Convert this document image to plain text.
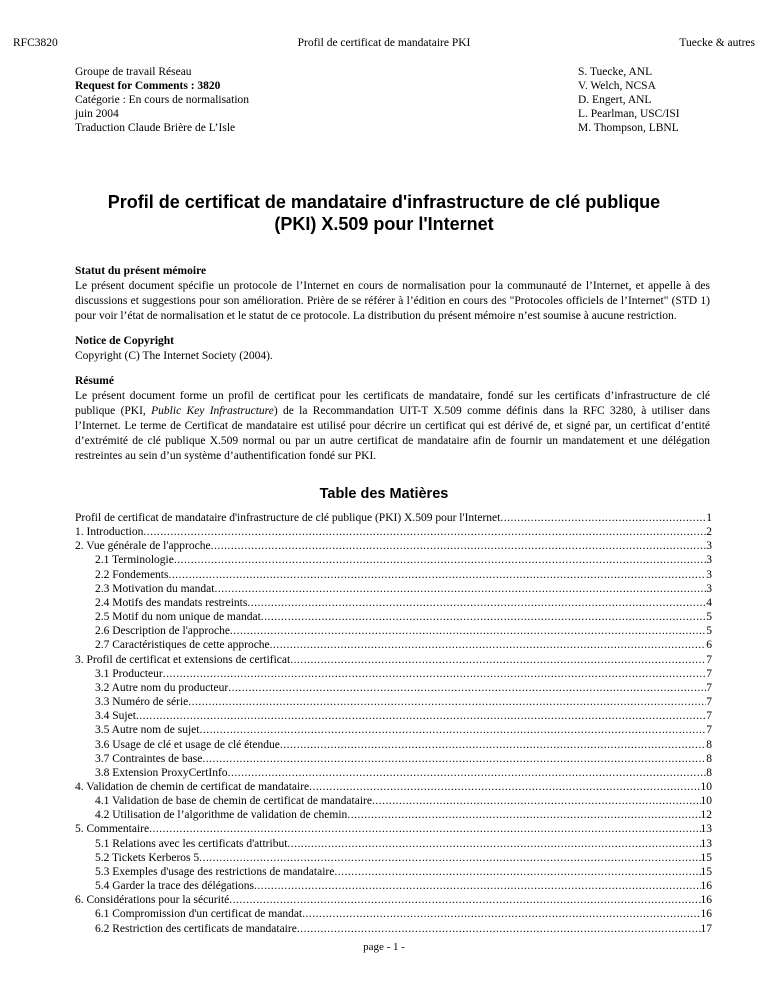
RFC3820	Profil de certificat de mandataire PKI	Tuecke & autres
Groupe de travail Réseau
Request for Comments : 3820
Catégorie : En cours de normalisation
juin 2004
Traduction Claude Brière de L’Isle
S. Tuecke, ANL
V. Welch, NCSA
D. Engert, ANL
L. Pearlman, USC/ISI
M. Thompson, LBNL
Profil de certificat de mandataire d'infrastructure de clé publique
(PKI) X.509 pour l'Internet
Statut du présent mémoire
Le présent document spécifie un protocole de l’Internet en cours de normalisation pour la communauté de l’Internet, et appelle à des discussions et suggestions pour son amélioration. Prière de se référer à l’édition en cours des "Protocoles officiels de l’Internet" (STD 1) pour voir l’état de normalisation et le statut de ce protocole. La distribution du présent mémoire n’est soumise à aucune restriction.
Notice de Copyright
Copyright (C) The Internet Society (2004).
Résumé
Le présent document forme un profil de certificat pour les certificats de mandataire, fondé sur les certificats d’infrastructure de clé publique (PKI, Public Key Infrastructure) de la Recommandation UIT-T X.509 comme définis dans la RFC 3280, à utiliser dans l’Internet. Le terme de Certificat de mandataire est utilisé pour décrire un certificat qui est dérivé de, et signé par, un certificat d’entité d’extrémité de clé publique X.509 normal ou par un autre certificat de mandataire afin de fournir un mandatement et une délégation restreintes au sein d’un système d’authentification fondé sur PKI.
Table des Matières
Profil de certificat de mandataire d'infrastructure de clé publique (PKI) X.509 pour l'Internet .....	1
1. Introduction .....	2
2. Vue générale de l'approche .....	3
2.1 Terminologie .....	3
2.2 Fondements .....	3
2.3 Motivation du mandat .....	3
2.4 Motifs des mandats restreints .....	4
2.5 Motif du nom unique de mandat .....	5
2.6 Description de l'approche .....	5
2.7 Caractéristiques de cette approche .....	6
3. Profil de certificat et extensions de certificat .....	7
3.1 Producteur .....	7
3.2 Autre nom du producteur .....	7
3.3 Numéro de série .....	7
3.4 Sujet .....	7
3.5 Autre nom de sujet .....	7
3.6 Usage de clé et usage de clé étendue .....	8
3.7 Contraintes de base .....	8
3.8 Extension ProxyCertInfo .....	8
4. Validation de chemin de certificat de mandataire .....	10
4.1 Validation de base de chemin de certificat de mandataire .....	10
4.2 Utilisation de l’algorithme de validation de chemin .....	12
5. Commentaire .....	13
5.1 Relations avec les certificats d'attribut .....	13
5.2 Tickets Kerberos 5 .....	15
5.3 Exemples d'usage des restrictions de mandataire .....	15
5.4 Garder la trace des délégations .....	16
6. Considérations pour la sécurité .....	16
6.1 Compromission d'un certificat de mandat .....	16
6.2 Restriction des certificats de mandataire .....	17
page - 1 -
